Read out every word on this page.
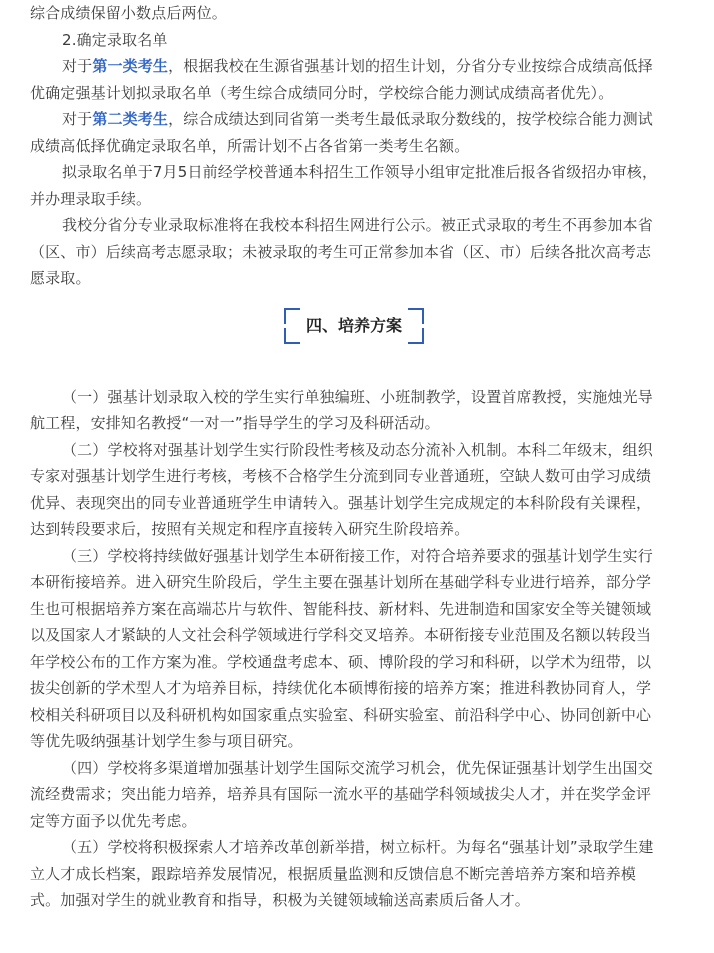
综合成绩保留小数点后两位。
2.确定录取名单
对于第一类考生，根据我校在生源省强基计划的招生计划，分省分专业按综合成绩高低择
优确定强基计划拟录取名单（考生综合成绩同分时，学校综合能力测试成绩高者优先）。
对于第二类考生，综合成绩达到同省第一类考生最低录取分数线的，按学校综合能力测试
成绩高低择优确定录取名单，所需计划不占各省第一类考生名额。
拟录取名单于7月5日前经学校普通本科招生工作领导小组审定批准后报各省级招办审核，
并办理录取手续。
我校分省分专业录取标准将在我校本科招生网进行公示。被正式录取的考生不再参加本省
（区、市）后续高考志愿录取；未被录取的考生可正常参加本省（区、市）后续各批次高考志
愿录取。
四、培养方案
（一）强基计划录取入校的学生实行单独编班、小班制教学，设置首席教授，实施烛光导
航工程，安排知名教授“一对一”指导学生的学习及科研活动。
（二）学校将对强基计划学生实行阶段性考核及动态分流补入机制。本科二年级末，组织
专家对强基计划学生进行考核，考核不合格学生分流到同专业普通班，空缺人数可由学习成绩
优异、表现突出的同专业普通班学生申请转入。强基计划学生完成规定的本科阶段有关课程，
达到转段要求后，按照有关规定和程序直接转入研究生阶段培养。
（三）学校将持续做好强基计划学生本研衔接工作，对符合培养要求的强基计划学生实行
本研衔接培养。进入研究生阶段后，学生主要在强基计划所在基础学科专业进行培养，部分学
生也可根据培养方案在高端芯片与软件、智能科技、新材料、先进制造和国家安全等关键领域
以及国家人才紧缺的人文社会科学领域进行学科交叉培养。本研衔接专业范围及名额以转段当
年学校公布的工作方案为准。学校通盘考虑本、硕、博阶段的学习和科研，以学术为纽带，以
拔尖创新的学术型人才为培养目标，持续优化本硕博衔接的培养方案；推进科教协同育人，学
校相关科研项目以及科研机构如国家重点实验室、科研实验室、前沿科学中心、协同创新中心
等优先吸纳强基计划学生参与项目研究。
（四）学校将多渠道增加强基计划学生国际交流学习机会，优先保证强基计划学生出国交
流经费需求；突出能力培养，培养具有国际一流水平的基础学科领域拔尖人才，并在奖学金评
定等方面予以优先考虑。
（五）学校将积极探索人才培养改革创新举措，树立标杆。为每名“强基计划”录取学生建
立人才成长档案，跟踪培养发展情况，根据质量监测和反馈信息不断完善培养方案和培养模
式。加强对学生的就业教育和指导，积极为关键领域输送高素质后备人才。
